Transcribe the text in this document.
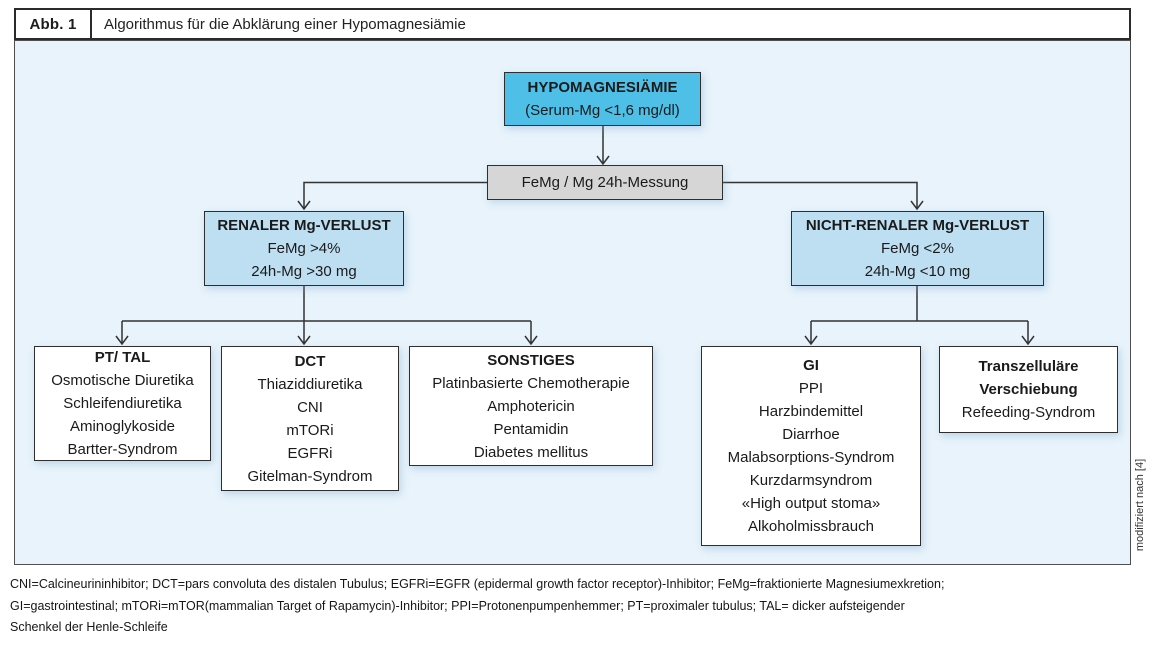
Abb. 1	Algorithmus für die Abklärung einer Hypomagnesiämie
HYPOMAGNESIÄMIE
(Serum-Mg <1,6 mg/dl)
FeMg / Mg 24h-Messung
RENALER Mg-VERLUST
FeMg >4%
24h-Mg >30 mg
NICHT-RENALER Mg-VERLUST
FeMg <2%
24h-Mg <10 mg
PT/ TAL
Osmotische Diuretika
Schleifendiuretika
Aminoglykoside
Bartter-Syndrom
DCT
Thiaziddiuretika
CNI
mTORi
EGFRi
Gitelman-Syndrom
SONSTIGES
Platinbasierte Chemotherapie
Amphotericin
Pentamidin
Diabetes mellitus
GI
PPI
Harzbindemittel
Diarrhoe
Malabsorptions-Syndrom
Kurzdarmsyndrom
«High output stoma»
Alkoholmissbrauch
Transzelluläre
Verschiebung
Refeeding-Syndrom
CNI=Calcineurininhibitor; DCT=pars convoluta des distalen Tubulus; EGFRi=EGFR (epidermal growth factor receptor)-Inhibitor; FeMg=fraktionierte Magnesiumexkretion;
GI=gastrointestinal; mTORi=mTOR(mammalian Target of Rapamycin)-Inhibitor; PPI=Protonenpumpenhemmer; PT=proximaler tubulus; TAL= dicker aufsteigender
Schenkel der Henle-Schleife
modifiziert nach [4]
